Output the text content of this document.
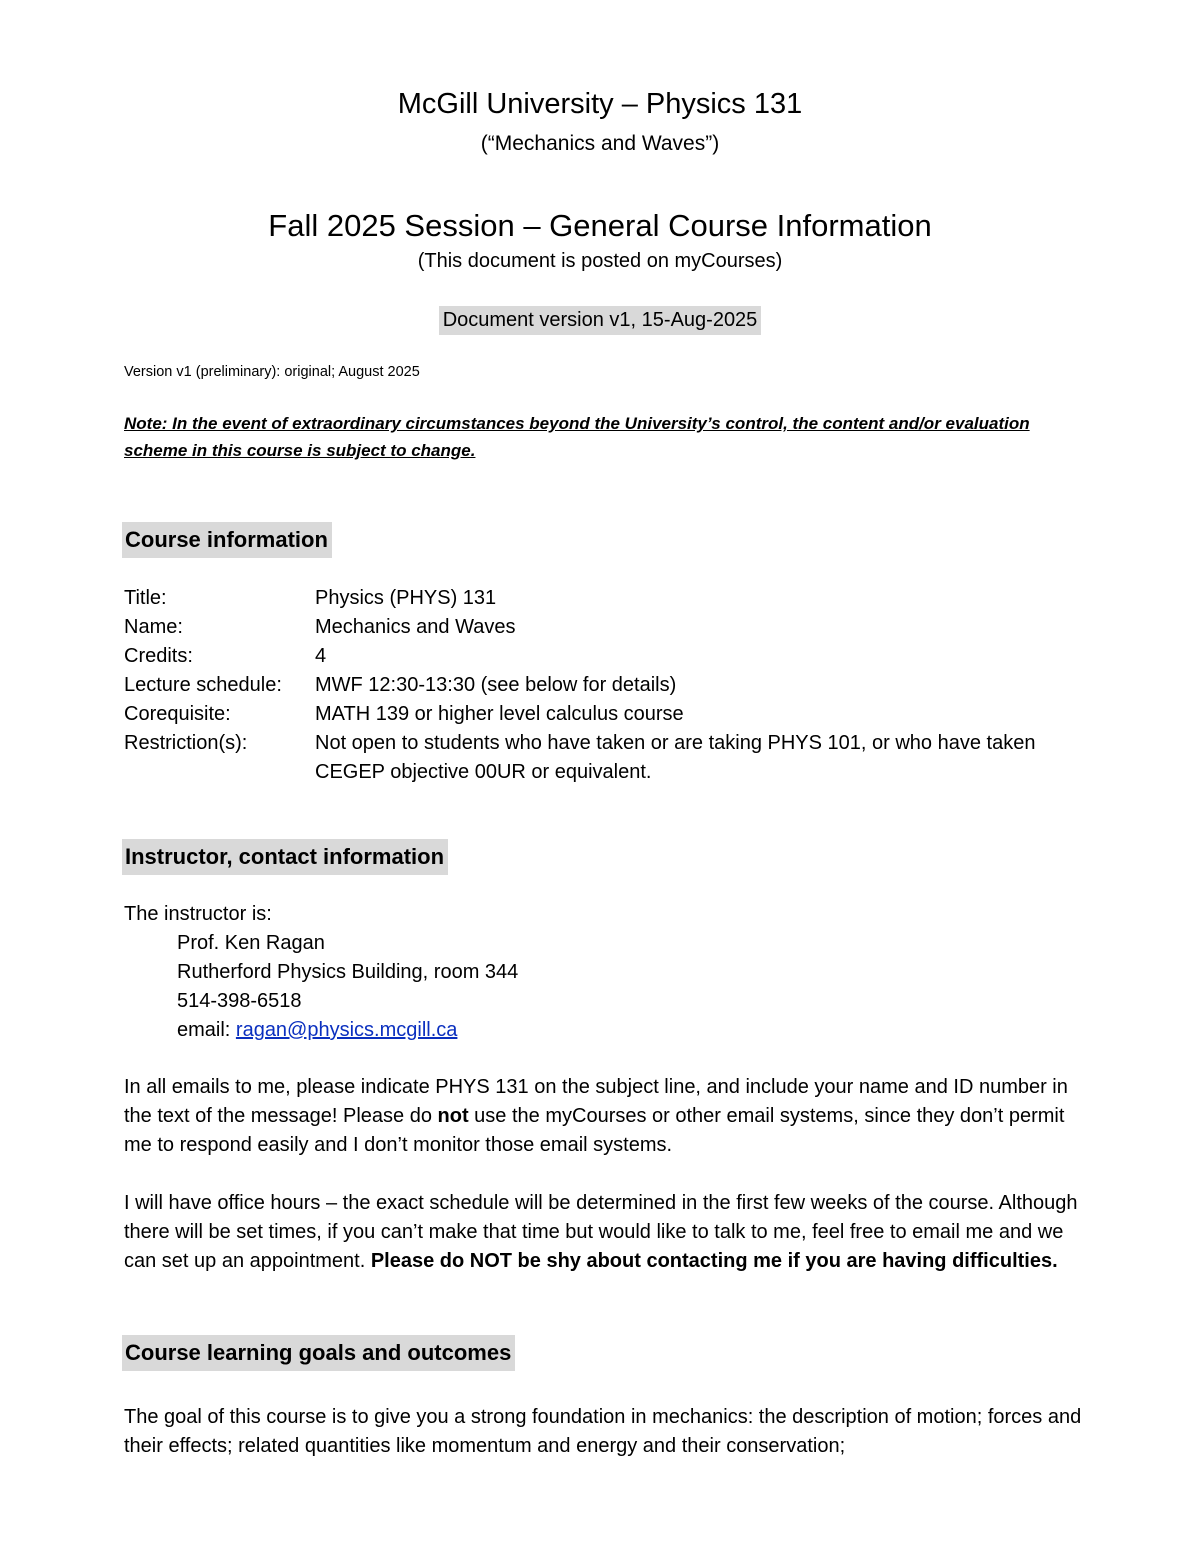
McGill University – Physics 131
(“Mechanics and Waves”)
Fall 2025 Session – General Course Information
(This document is posted on myCourses)
Document version v1, 15-Aug-2025
Version v1 (preliminary): original; August 2025
Note: In the event of extraordinary circumstances beyond the University’s control, the content and/or evaluation scheme in this course is subject to change.
Course information
Title:	Physics (PHYS) 131
Name:	Mechanics and Waves
Credits:	4
Lecture schedule:	MWF 12:30-13:30 (see below for details)
Corequisite:	MATH 139 or higher level calculus course
Restriction(s):	Not open to students who have taken or are taking PHYS 101, or who have taken CEGEP objective 00UR or equivalent.
Instructor, contact information

The instructor is:

Prof. Ken Ragan

Rutherford Physics Building, room 344

514-398-6518

email: ragan@physics.mcgill.ca

In all emails to me, please indicate PHYS 131 on the subject line, and include your name and ID number in the text of the message! Please do not use the myCourses or other email systems, since they don’t permit me to respond easily and I don’t monitor those email systems.
I will have office hours – the exact schedule will be determined in the first few weeks of the course. Although there will be set times, if you can’t make that time but would like to talk to me, feel free to email me and we can set up an appointment. Please do NOT be shy about contacting me if you are having difficulties.
Course learning goals and outcomes
The goal of this course is to give you a strong foundation in mechanics: the description of motion; forces and their effects; related quantities like momentum and energy and their conservation;
